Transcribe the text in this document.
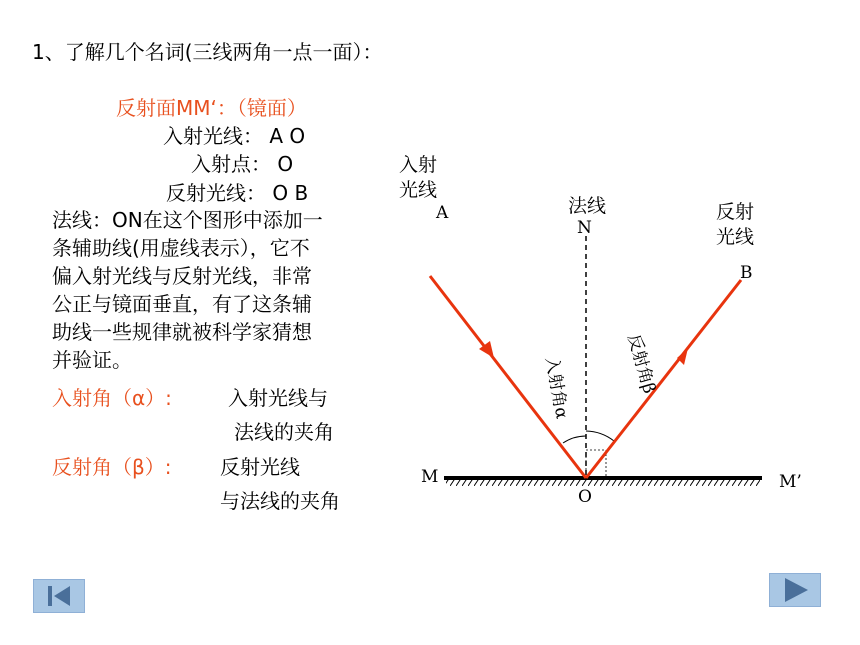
1、了解几个名词(三线两角一点一面）：
反射面MM‘：（镜面）
入射光线： A O
入射点： O
反射光线： O B
法线：ON在这个图形中添加一
条辅助线(用虚线表示），它不
偏入射光线与反射光线，非常
公正与镜面垂直，有了这条辅
助线一些规律就被科学家猜想
并验证。
入射角（α）:	入射光线与
法线的夹角
反射角（β）: 反射光线
与法线的夹角
入射
光线
A	法线
N
反射
光线
B
入射角α	反射角β
M	M’
O
